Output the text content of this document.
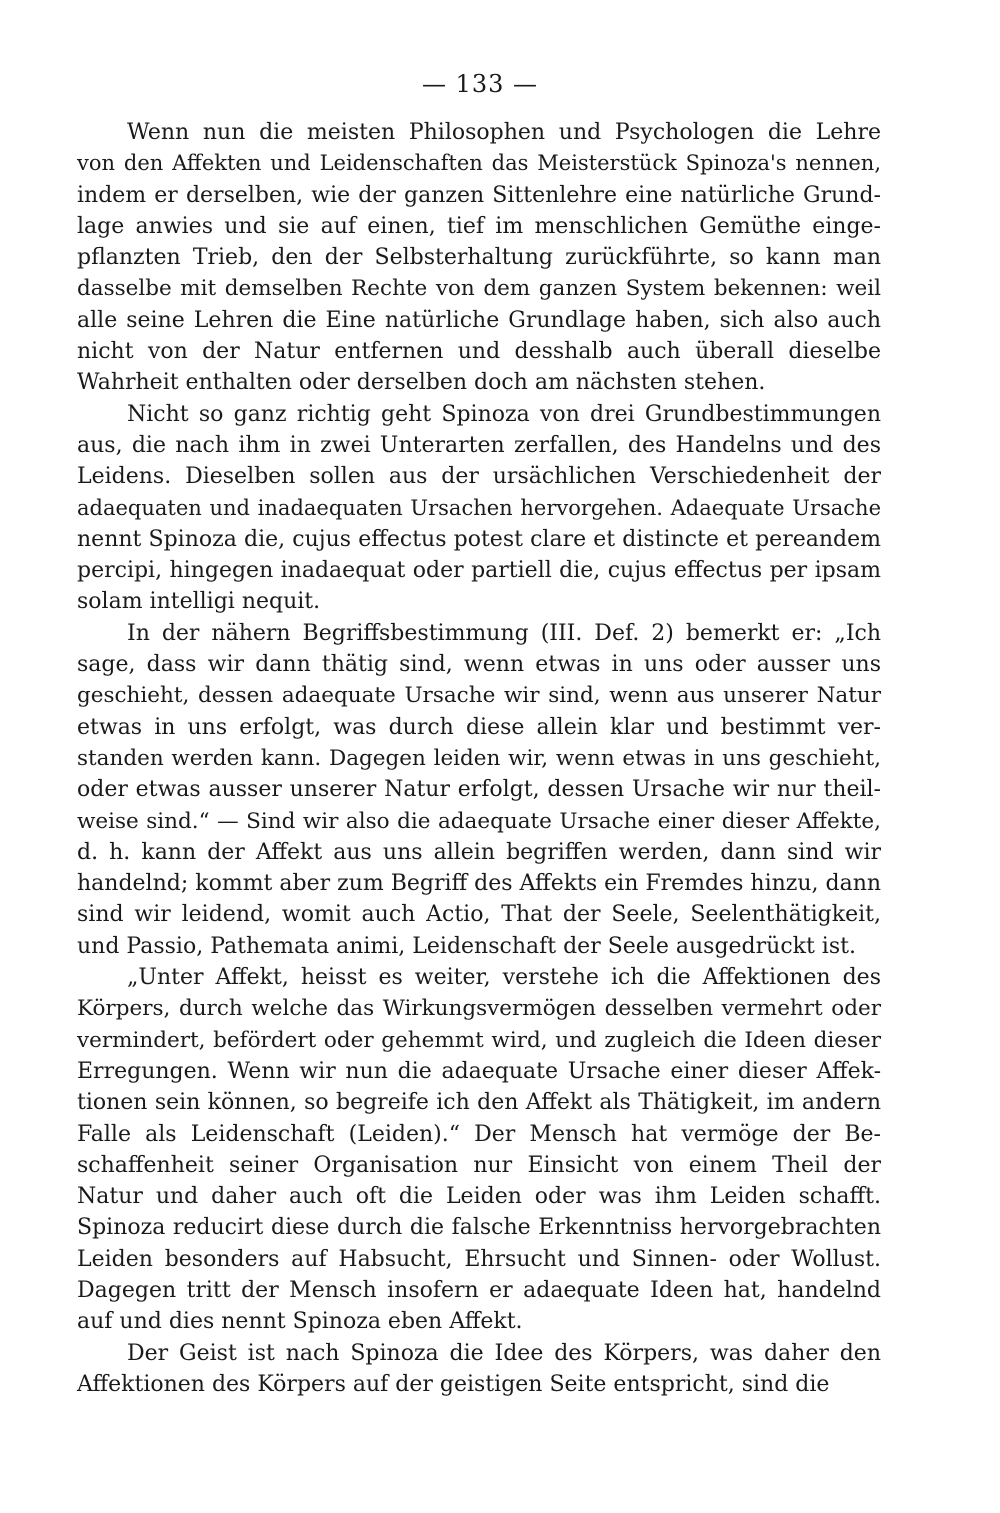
— 133 —
Wenn nun die meisten Philosophen und Psychologen die Lehre
von den Affekten und Leidenschaften das Meisterstück Spinoza's nennen,
indem er derselben, wie der ganzen Sittenlehre eine natürliche Grund-
lage anwies und sie auf einen, tief im menschlichen Gemüthe einge-
pflanzten Trieb, den der Selbsterhaltung zurückführte, so kann man
dasselbe mit demselben Rechte von dem ganzen System bekennen: weil
alle seine Lehren die Eine natürliche Grundlage haben, sich also auch
nicht von der Natur entfernen und desshalb auch überall dieselbe
Wahrheit enthalten oder derselben doch am nächsten stehen.
Nicht so ganz richtig geht Spinoza von drei Grundbestimmungen
aus, die nach ihm in zwei Unterarten zerfallen, des Handelns und des
Leidens. Dieselben sollen aus der ursächlichen Verschiedenheit der
adaequaten und inadaequaten Ursachen hervorgehen. Adaequate Ursache
nennt Spinoza die, cujus effectus potest clare et distincte et pereandem
percipi, hingegen inadaequat oder partiell die, cujus effectus per ipsam
solam intelligi nequit.
In der nähern Begriffsbestimmung (III. Def. 2) bemerkt er: „Ich
sage, dass wir dann thätig sind, wenn etwas in uns oder ausser uns
geschieht, dessen adaequate Ursache wir sind, wenn aus unserer Natur
etwas in uns erfolgt, was durch diese allein klar und bestimmt ver-
standen werden kann. Dagegen leiden wir, wenn etwas in uns geschieht,
oder etwas ausser unserer Natur erfolgt, dessen Ursache wir nur theil-
weise sind.“ — Sind wir also die adaequate Ursache einer dieser Affekte,
d. h. kann der Affekt aus uns allein begriffen werden, dann sind wir
handelnd; kommt aber zum Begriff des Affekts ein Fremdes hinzu, dann
sind wir leidend, womit auch Actio, That der Seele, Seelenthätigkeit,
und Passio, Pathemata animi, Leidenschaft der Seele ausgedrückt ist.
„Unter Affekt, heisst es weiter, verstehe ich die Affektionen des
Körpers, durch welche das Wirkungsvermögen desselben vermehrt oder
vermindert, befördert oder gehemmt wird, und zugleich die Ideen dieser
Erregungen. Wenn wir nun die adaequate Ursache einer dieser Affek-
tionen sein können, so begreife ich den Affekt als Thätigkeit, im andern
Falle als Leidenschaft (Leiden).“ Der Mensch hat vermöge der Be-
schaffenheit seiner Organisation nur Einsicht von einem Theil der
Natur und daher auch oft die Leiden oder was ihm Leiden schafft.
Spinoza reducirt diese durch die falsche Erkenntniss hervorgebrachten
Leiden besonders auf Habsucht, Ehrsucht und Sinnen- oder Wollust.
Dagegen tritt der Mensch insofern er adaequate Ideen hat, handelnd
auf und dies nennt Spinoza eben Affekt.
Der Geist ist nach Spinoza die Idee des Körpers, was daher den
Affektionen des Körpers auf der geistigen Seite entspricht, sind die
